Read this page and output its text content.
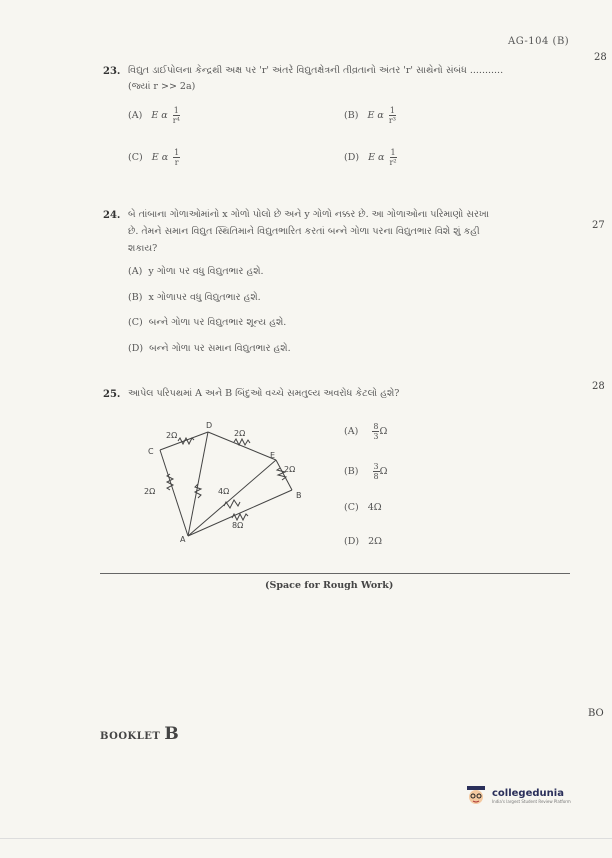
AG-104 (B)
28
27
28
BO
23. વિદ્યુત ડાઈપોલના કેન્દ્રથી અક્ષ પર 'r' અંતરે વિદ્યુતક્ષેત્રની તીવ્રતાનો અંતર 'r' સાથેનો સંબંધ ...........
(જ્યાં r >> 2a)
(A) E α $\frac{1}{\text{r⁴}}$	(B) E α $\frac{1}{\text{r³}}$
(C) E α $\frac{1}{r}$	(D) E α $\frac{1}{\text{r²}}$
24. બે તાંબાના ગોળાઓમાંનો x ગોળો પોલો છે અને y ગોળો નક્કર છે. આ ગોળાઓના પરિમાણો સરખા
છે. તેમને સમાન વિદ્યુત સ્થિતિમાને વિદ્યુતભારિત કરતાં બન્ને ગોળા પરના વિદ્યુતભાર વિશે શું કહી
શકાય?
(A) y ગોળા પર વધુ વિદ્યુતભાર હશે.
(B) x ગોળાપર વધુ વિદ્યુતભાર હશે.
(C) બન્ને ગોળા પર વિદ્યુતભાર શૂન્ય હશે.
(D) બન્ને ગોળા પર સમાન વિદ્યુતભાર હશે.
25. આપેલ પરિપથમાં A અને B બિંદુઓ વચ્ચે સમતુલ્ય અવરોધ કેટલો હશે?
A
B
C
D
E
2Ω	2Ω
2Ω
2Ω	4Ω
8Ω
$(A) \frac{8}{3}$ Ω
$(B) \frac{3}{8}$ Ω
(C) 4Ω
(D) 2Ω
(Space for Rough Work)
BOOKLET B
collegedunia
India's largest Student Review Platform
